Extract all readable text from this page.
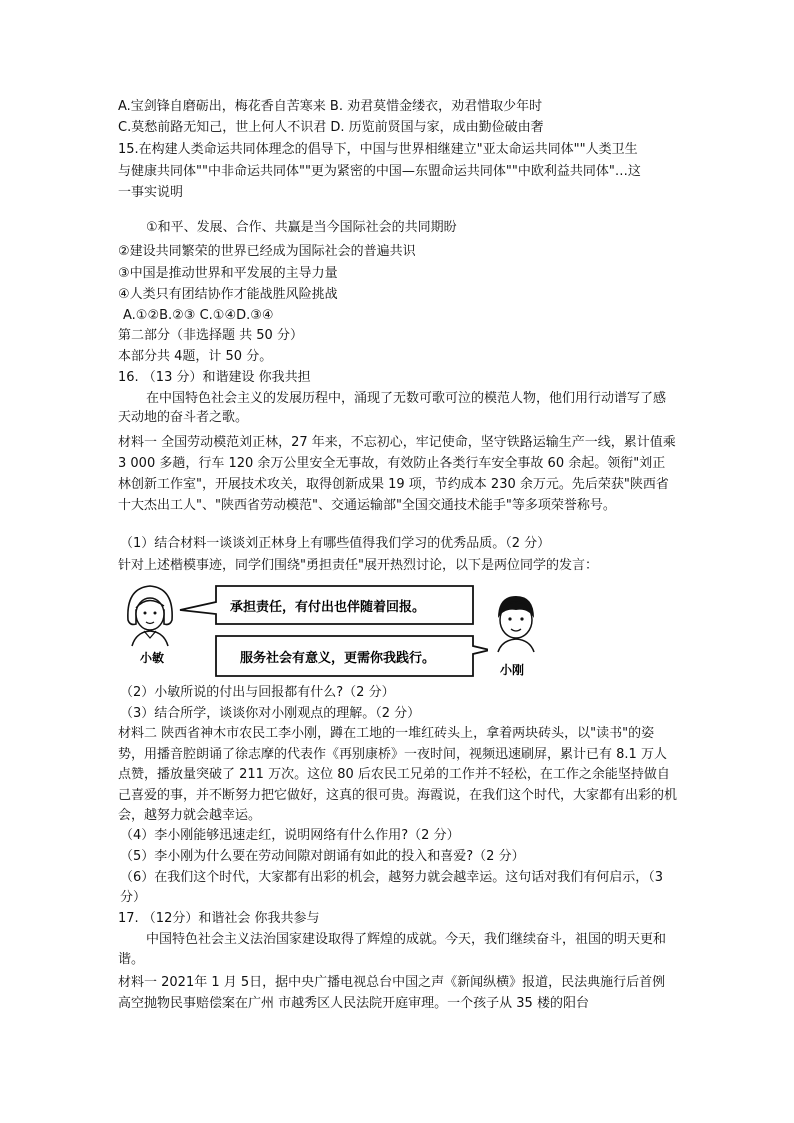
A.宝剑锋自磨砺出，梅花香自苦寒来 B. 劝君莫惜金缕衣，劝君惜取少年时
C.莫愁前路无知己，世上何人不识君 D. 历览前贤国与家，成由勤俭破由奢
15.在构建人类命运共同体理念的倡导下，中国与世界相继建立"亚太命运共同体""人类卫生
与健康共同体""中非命运共同体""更为紧密的中国—东盟命运共同体""中欧利益共同体"…这
一事实说明
①和平、发展、合作、共赢是当今国际社会的共同期盼
②建设共同繁荣的世界已经成为国际社会的普遍共识
③中国是推动世界和平发展的主导力量
④人类只有团结协作才能战胜风险挑战
A.①②B.②③ C.①④D.③④
第二部分（非选择题 共 50 分）
本部分共 4题，计 50 分。
16. （13 分）和谐建设 你我共担
在中国特色社会主义的发展历程中，涌现了无数可歌可泣的模范人物，他们用行动谱写了感天动地的奋斗者之歌。
材料一 全国劳动模范刘正林，27 年来，不忘初心，牢记使命，坚守铁路运输生产一线，累计值乘 3 000 多趟，行车 120 余万公里安全无事故，有效防止各类行车安全事故 60 余起。领衔"刘正林创新工作室"，开展技术攻关，取得创新成果 19 项，节约成本 230 余万元。先后荣获"陕西省十大杰出工人"、"陕西省劳动模范"、交通运输部"全国交通技术能手"等多项荣誉称号。
（1）结合材料一谈谈刘正林身上有哪些值得我们学习的优秀品质。（2 分）
针对上述楷模事迹，同学们围绕"勇担责任"展开热烈讨论，以下是两位同学的发言：
小敏
承担责任，有付出也伴随着回报。
服务社会有意义，更需你我践行。
小刚
（2）小敏所说的付出与回报都有什么?（2 分）
（3）结合所学，谈谈你对小刚观点的理解。（2 分）
材料二 陕西省神木市农民工李小刚，蹲在工地的一堆红砖头上，拿着两块砖头，以"读书"的姿势，用播音腔朗诵了徐志摩的代表作《再别康桥》一夜时间，视频迅速刷屏，累计已有 8.1 万人点赞，播放量突破了 211 万次。这位 80 后农民工兄弟的工作并不轻松，在工作之余能坚持做自己喜爱的事，并不断努力把它做好，这真的很可贵。海霞说，在我们这个时代，大家都有出彩的机会，越努力就会越幸运。
（4）李小刚能够迅速走红，说明网络有什么作用?（2 分）
（5）李小刚为什么要在劳动间隙对朗诵有如此的投入和喜爱?（2 分）
（6）在我们这个时代，大家都有出彩的机会，越努力就会越幸运。这句话对我们有何启示，（3 分）
17. （12分）和谐社会 你我共参与
中国特色社会主义法治国家建设取得了辉煌的成就。今天，我们继续奋斗，祖国的明天更和谐。
材料一 2021年 1 月 5日，据中央广播电视总台中国之声《新闻纵横》报道，民法典施行后首例高空抛物民事赔偿案在广州 市越秀区人民法院开庭审理。一个孩子从 35 楼的阳台
